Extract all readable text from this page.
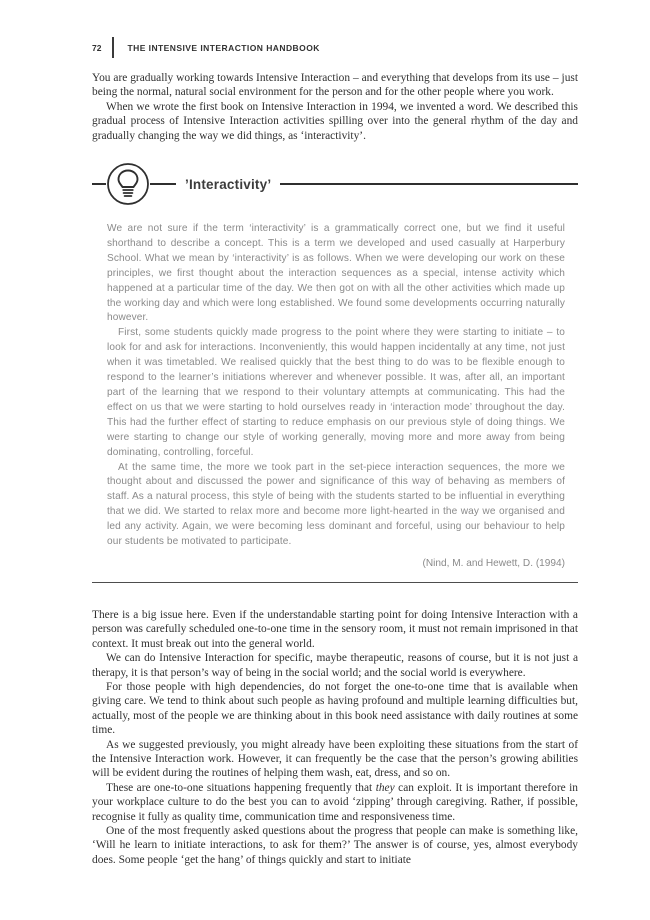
72	THE INTENSIVE INTERACTION HANDBOOK

You are gradually working towards Intensive Interaction – and everything that develops from its use – just being the normal, natural social environment for the person and for the other people where you work.

When we wrote the first book on Intensive Interaction in 1994, we invented a word. We described this gradual process of Intensive Interaction activities spilling over into the general rhythm of the day and gradually changing the way we did things, as ‘interactivity’.

’Interactivity’

We are not sure if the term ‘interactivity’ is a grammatically correct one, but we find it useful shorthand to describe a concept. This is a term we developed and used casually at Harperbury School. What we mean by ‘interactivity’ is as follows. When we were developing our work on these principles, we first thought about the interaction sequences as a special, intense activity which happened at a particular time of the day. We then got on with all the other activities which made up the working day and which were long established. We found some developments occurring naturally however.

First, some students quickly made progress to the point where they were starting to initiate – to look for and ask for interactions. Inconveniently, this would happen incidentally at any time, not just when it was timetabled. We realised quickly that the best thing to do was to be flexible enough to respond to the learner’s initiations wherever and whenever possible. It was, after all, an important part of the learning that we respond to their voluntary attempts at communicating. This had the effect on us that we were starting to hold ourselves ready in ‘interaction mode’ throughout the day. This had the further effect of starting to reduce emphasis on our previous style of doing things. We were starting to change our style of working generally, moving more and more away from being dominating, controlling, forceful.

At the same time, the more we took part in the set-piece interaction sequences, the more we thought about and discussed the power and significance of this way of behaving as members of staff. As a natural process, this style of being with the students started to be influential in everything that we did. We started to relax more and become more light-hearted in the way we organised and led any activity. Again, we were becoming less dominant and forceful, using our behaviour to help our students be motivated to participate.

(Nind, M. and Hewett, D. (1994)

There is a big issue here. Even if the understandable starting point for doing Intensive Interaction with a person was carefully scheduled one-to-one time in the sensory room, it must not remain imprisoned in that context. It must break out into the general world.

We can do Intensive Interaction for specific, maybe therapeutic, reasons of course, but it is not just a therapy, it is that person’s way of being in the social world; and the social world is everywhere.

For those people with high dependencies, do not forget the one-to-one time that is available when giving care. We tend to think about such people as having profound and multiple learning difficulties but, actually, most of the people we are thinking about in this book need assistance with daily routines at some time.

As we suggested previously, you might already have been exploiting these situations from the start of the Intensive Interaction work. However, it can frequently be the case that the person’s growing abilities will be evident during the routines of helping them wash, eat, dress, and so on.

These are one-to-one situations happening frequently that they can exploit. It is important therefore in your workplace culture to do the best you can to avoid ‘zipping’ through caregiving. Rather, if possible, recognise it fully as quality time, communication time and responsiveness time.

One of the most frequently asked questions about the progress that people can make is something like, ‘Will he learn to initiate interactions, to ask for them?’ The answer is of course, yes, almost everybody does. Some people ‘get the hang’ of things quickly and start to initiate
